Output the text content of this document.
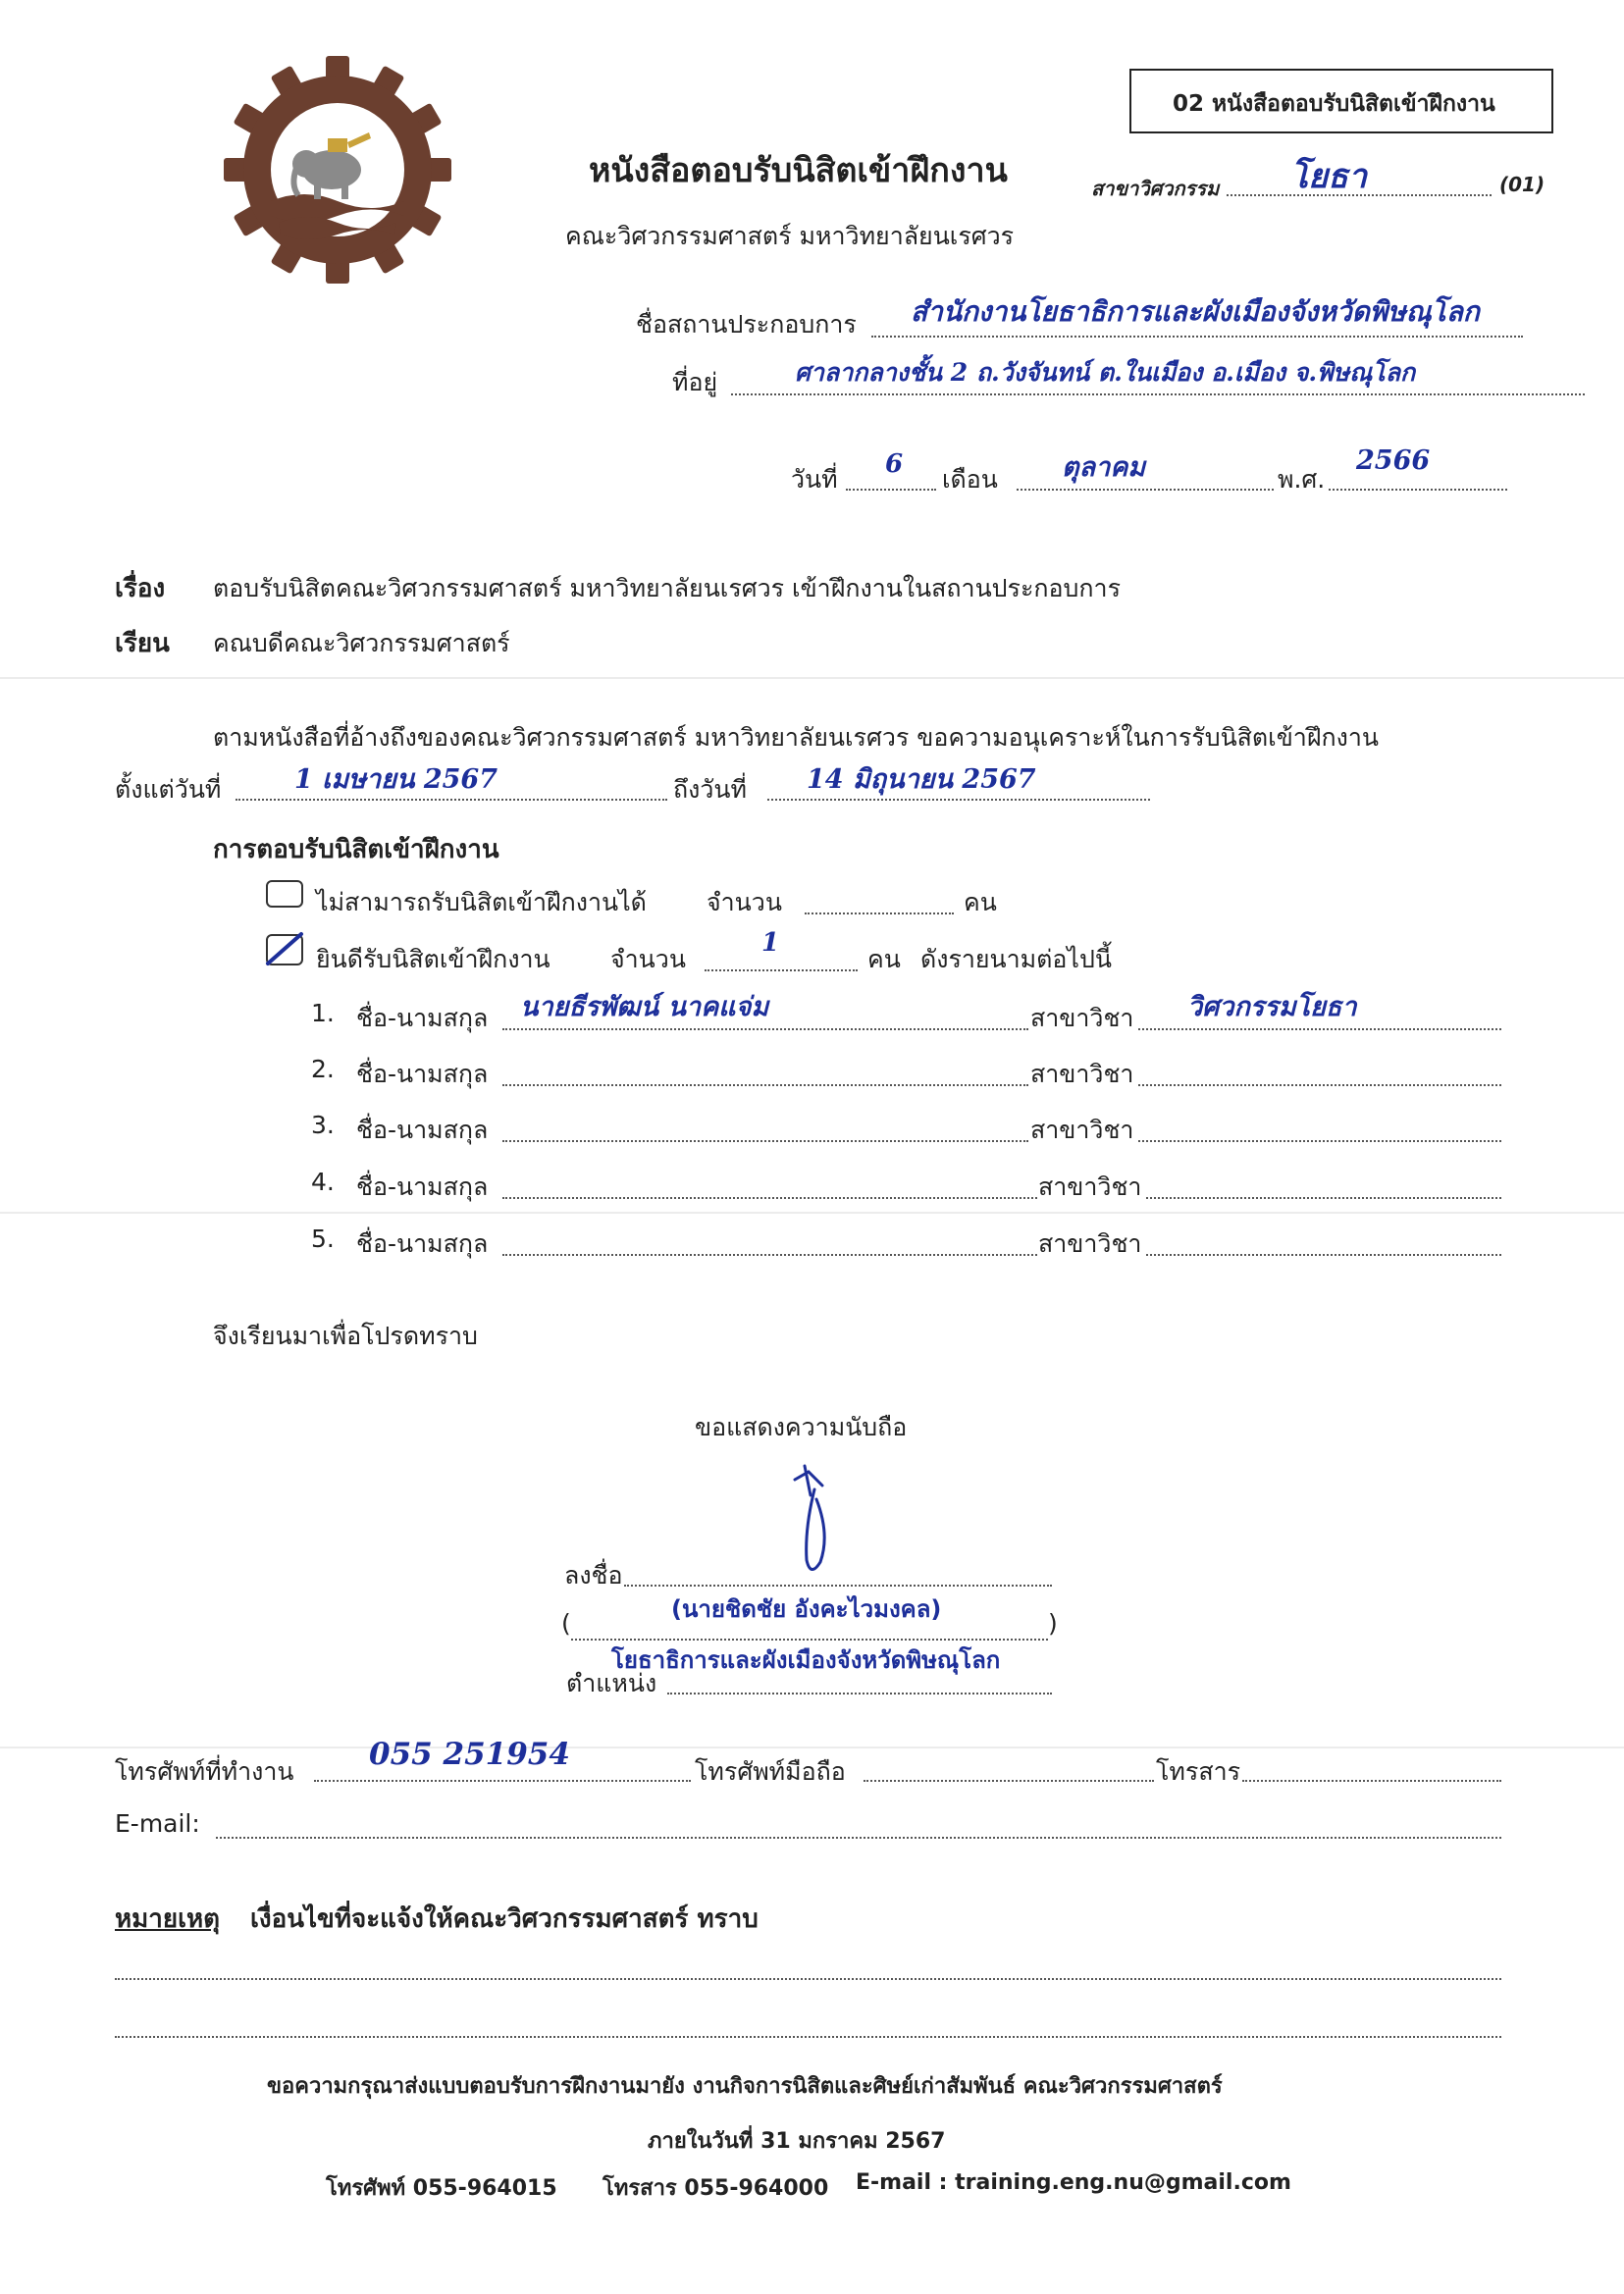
02 หนังสือตอบรับนิสิตเข้าฝึกงาน
หนังสือตอบรับนิสิตเข้าฝึกงาน
คณะวิศวกรรมศาสตร์ มหาวิทยาลัยนเรศวร
สาขาวิศวกรรม โยธา	(01)
ชื่อสถานประกอบการ สำนักงานโยธาธิการและผังเมืองจังหวัดพิษณุโลก
ที่อยู่	ศาลากลางชั้น 2 ถ.วังจันทน์ ต.ในเมือง อ.เมือง จ.พิษณุโลก
วันที่
6
เดือน ตุลาคม	พ.ศ.
2566
เรื่อง ตอบรับนิสิตคณะวิศวกรรมศาสตร์ มหาวิทยาลัยนเรศวร เข้าฝึกงานในสถานประกอบการ
เรียน คณบดีคณะวิศวกรรมศาสตร์
ตามหนังสือที่อ้างถึงของคณะวิศวกรรมศาสตร์ มหาวิทยาลัยนเรศวร ขอความอนุเคราะห์ในการรับนิสิตเข้าฝึกงาน
ตั้งแต่วันที่	1 เมษายน 2567	ถึงวันที่ 14 มิถุนายน 2567
การตอบรับนิสิตเข้าฝึกงาน
ไม่สามารถรับนิสิตเข้าฝึกงานได้ จำนวน	คน
ยินดีรับนิสิตเข้าฝึกงาน จำนวน
1
คน ดังรายนามต่อไปนี้
1. ชื่อ-นามสกุล นายธีรพัฒน์ นาคแจ่ม	สาขาวิชา วิศวกรรมโยธา
2. ชื่อ-นามสกุล	สาขาวิชา
3. ชื่อ-นามสกุล	สาขาวิชา
4. ชื่อ-นามสกุล	สาขาวิชา
5. ชื่อ-นามสกุล	สาขาวิชา
จึงเรียนมาเพื่อโปรดทราบ
ขอแสดงความนับถือ
ลงชื่อ
(นายชิดชัย อังคะไวมงคล)
(	)
โยธาธิการและผังเมืองจังหวัดพิษณุโลก
ตำแหน่ง
โทรศัพท์ที่ทำงาน 055 251954	โทรศัพท์มือถือ	โทรสาร
E-mail:
หมายเหตุ เงื่อนไขที่จะแจ้งให้คณะวิศวกรรมศาสตร์ ทราบ
ขอความกรุณาส่งแบบตอบรับการฝึกงานมายัง งานกิจการนิสิตและศิษย์เก่าสัมพันธ์ คณะวิศวกรรมศาสตร์
ภายในวันที่ 31 มกราคม 2567
โทรศัพท์ 055-964015 โทรสาร 055-964000 E-mail : training.eng.nu@gmail.com
